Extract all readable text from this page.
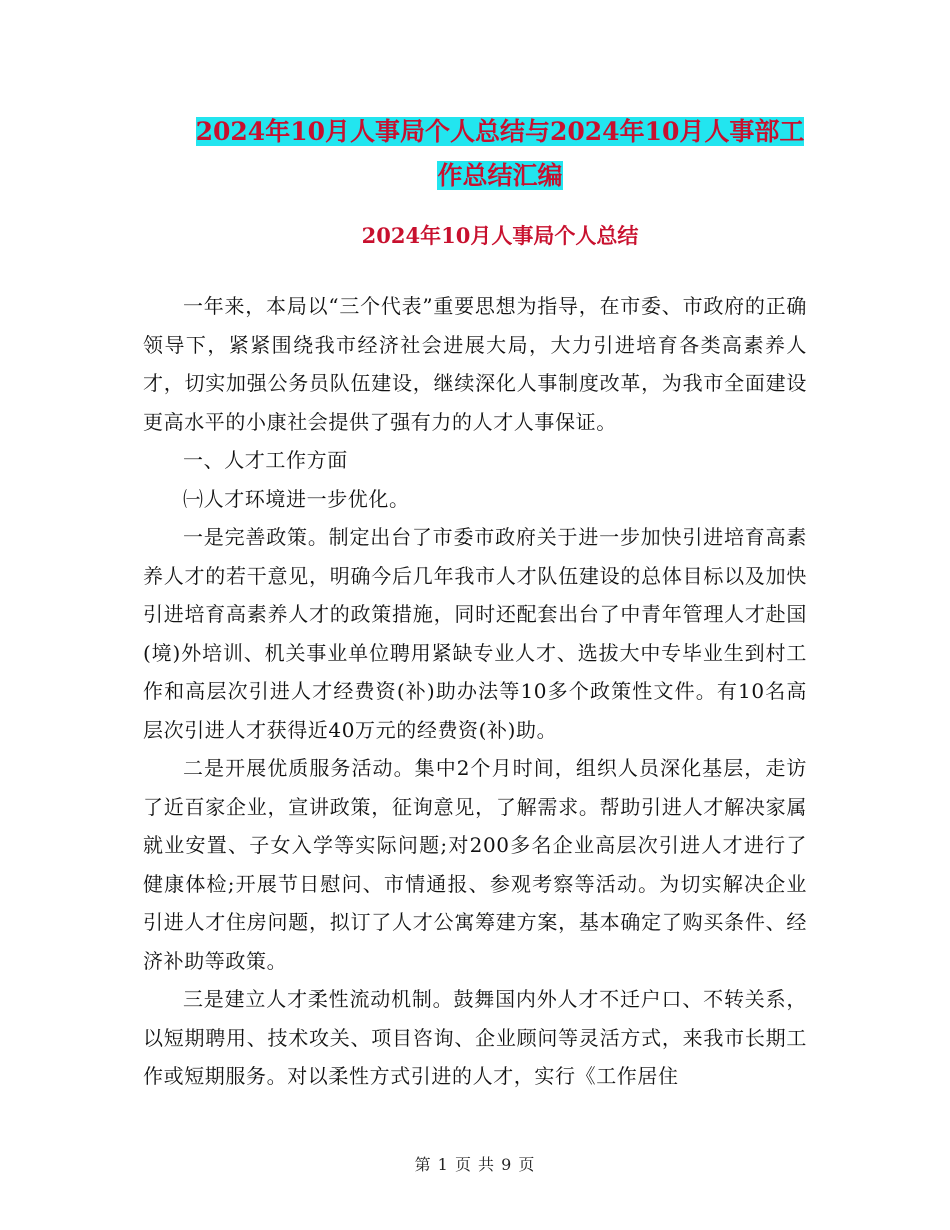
2024年10月人事局个人总结与2024年10月人事部工
作总结汇编
2024年10月人事局个人总结

一年来，本局以“三个代表”重要思想为指导，在市委、市政府的正确领导下，紧紧围绕我市经济社会进展大局，大力引进培育各类高素养人才，切实加强公务员队伍建设，继续深化人事制度改革，为我市全面建设更高水平的小康社会提供了强有力的人才人事保证。

一、人才工作方面

㈠人才环境进一步优化。

一是完善政策。制定出台了市委市政府关于进一步加快引进培育高素养人才的若干意见，明确今后几年我市人才队伍建设的总体目标以及加快引进培育高素养人才的政策措施，同时还配套出台了中青年管理人才赴国(境)外培训、机关事业单位聘用紧缺专业人才、选拔大中专毕业生到村工作和高层次引进人才经费资(补)助办法等10多个政策性文件。有10名高层次引进人才获得近40万元的经费资(补)助。

二是开展优质服务活动。集中2个月时间，组织人员深化基层，走访了近百家企业，宣讲政策，征询意见，了解需求。帮助引进人才解决家属就业安置、子女入学等实际问题;对200多名企业高层次引进人才进行了健康体检;开展节日慰问、市情通报、参观考察等活动。为切实解决企业引进人才住房问题，拟订了人才公寓筹建方案，基本确定了购买条件、经济补助等政策。

三是建立人才柔性流动机制。鼓舞国内外人才不迁户口、不转关系，以短期聘用、技术攻关、项目咨询、企业顾问等灵活方式，来我市长期工作或短期服务。对以柔性方式引进的人才，实行《工作居住

第 1 页 共 9 页
